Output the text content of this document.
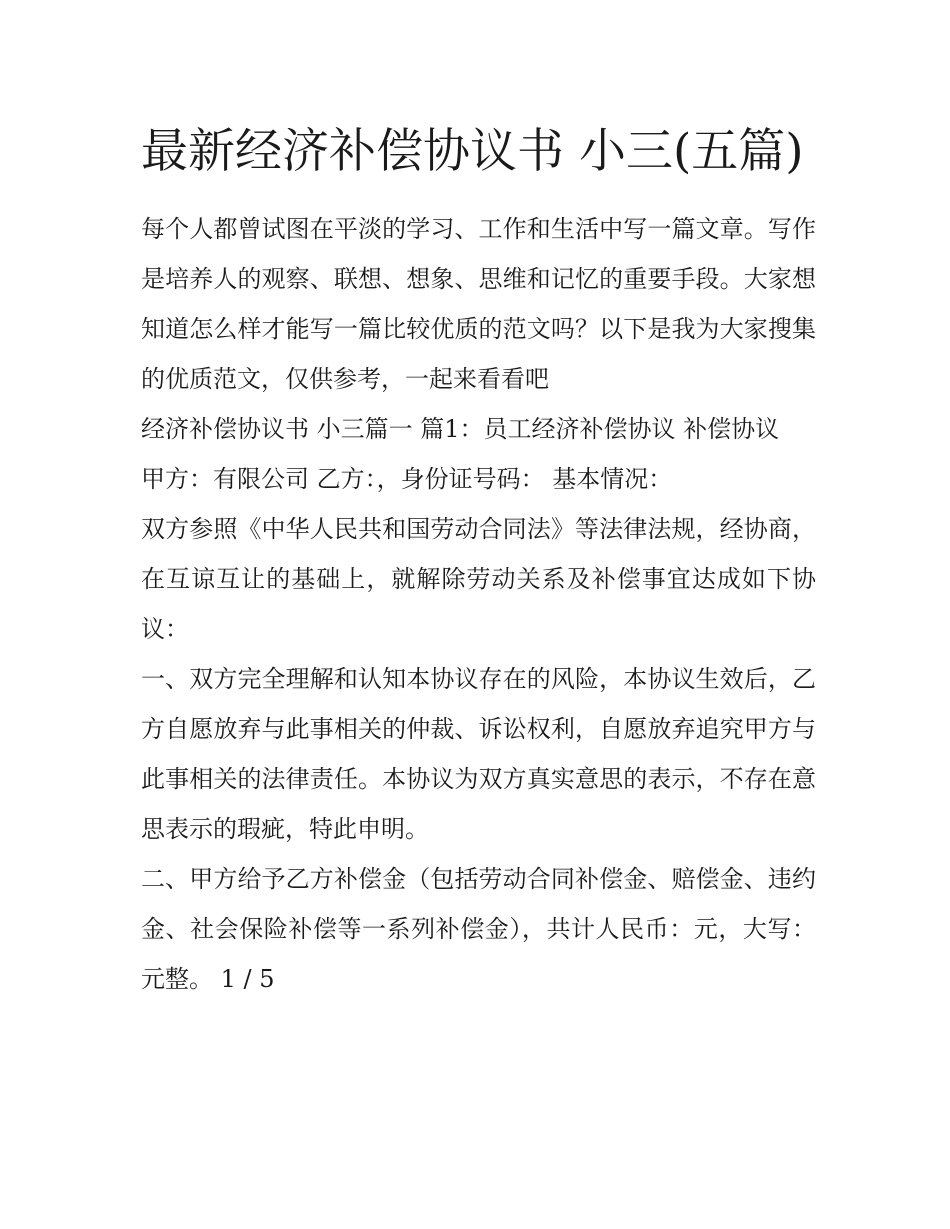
最新经济补偿协议书 小三(五篇)

每个人都曾试图在平淡的学习、工作和生活中写一篇文章。写作是培养人的观察、联想、想象、思维和记忆的重要手段。大家想知道怎么样才能写一篇比较优质的范文吗？以下是我为大家搜集的优质范文，仅供参考，一起来看看吧

经济补偿协议书 小三篇一 篇1：员工经济补偿协议 补偿协议

甲方：有限公司 乙方：，身份证号码： 基本情况：

双方参照《中华人民共和国劳动合同法》等法律法规，经协商，在互谅互让的基础上，就解除劳动关系及补偿事宜达成如下协议：

一、双方完全理解和认知本协议存在的风险，本协议生效后，乙方自愿放弃与此事相关的仲裁、诉讼权利，自愿放弃追究甲方与此事相关的法律责任。本协议为双方真实意思的表示，不存在意思表示的瑕疵，特此申明。

二、甲方给予乙方补偿金（包括劳动合同补偿金、赔偿金、违约金、社会保险补偿等一系列补偿金），共计人民币：元，大写：元整。 1 / 5
